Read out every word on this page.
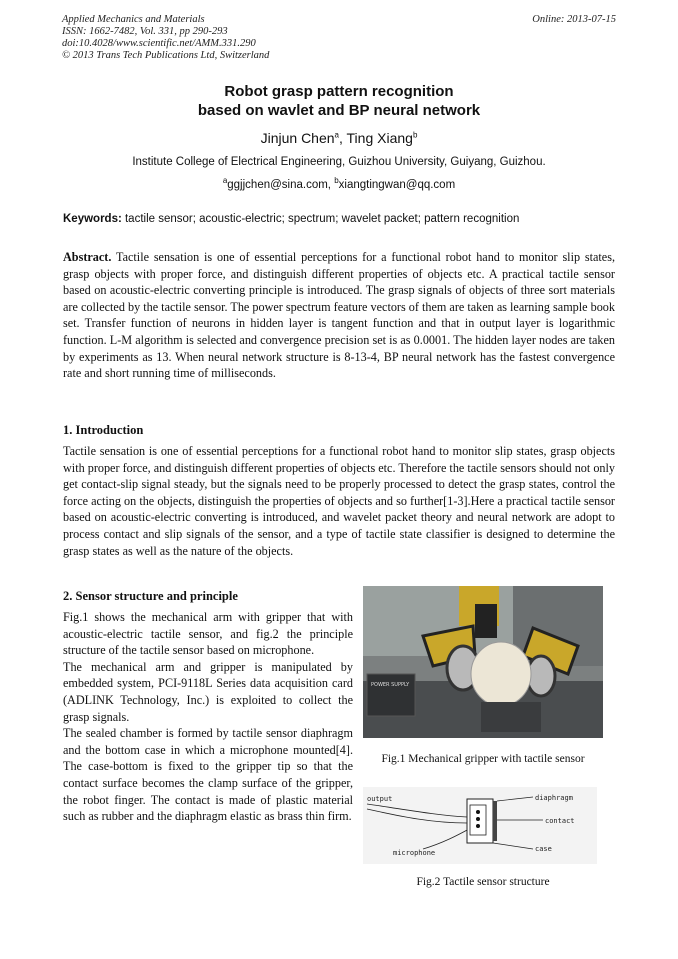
Applied Mechanics and Materials
ISSN: 1662-7482, Vol. 331, pp 290-293
doi:10.4028/www.scientific.net/AMM.331.290
© 2013 Trans Tech Publications Ltd, Switzerland
Online: 2013-07-15
Robot grasp pattern recognition
based on wavlet and BP neural network
Jinjun Chen$^a$, Ting Xiang$^b$
Institute College of Electrical Engineering, Guizhou University, Guiyang, Guizhou.
$^a$ggjjchen@sina.com, $^b$xiangtingwan@qq.com
Keywords: tactile sensor; acoustic-electric; spectrum; wavelet packet; pattern recognition
Abstract. Tactile sensation is one of essential perceptions for a functional robot hand to monitor slip states, grasp objects with proper force, and distinguish different properties of objects etc. A practical tactile sensor based on acoustic-electric converting principle is introduced. The grasp signals of objects of three sort materials are collected by the tactile sensor. The power spectrum feature vectors of them are taken as learning sample book set. Transfer function of neurons in hidden layer is tangent function and that in output layer is logarithmic function. L-M algorithm is selected and convergence precision set is as 0.0001. The hidden layer nodes are taken by experiments as 13. When neural network structure is 8-13-4, BP neural network has the fastest convergence rate and short running time of milliseconds.
1. Introduction
Tactile sensation is one of essential perceptions for a functional robot hand to monitor slip states, grasp objects with proper force, and distinguish different properties of objects etc. Therefore the tactile sensors should not only get contact-slip signal steady, but the signals need to be properly processed to detect the grasp states, control the force acting on the objects, distinguish the properties of objects and so further[1-3].Here a practical tactile sensor based on acoustic-electric converting is introduced, and wavelet packet theory and neural network are adopt to process contact and slip signals of the sensor, and a type of tactile state classifier is designed to determine the grasp states as well as the nature of the objects.
2. Sensor structure and principle

Fig.1 shows the mechanical arm with gripper that with acoustic-electric tactile sensor, and fig.2 the principle structure of the tactile sensor based on microphone.

The mechanical arm and gripper is manipulated by embedded system, PCI-9118L Series data acquisition card (ADLINK Technology, Inc.) is exploited to collect the grasp signals.

The sealed chamber is formed by tactile sensor diaphragm and the bottom case in which a microphone mounted[4]. The case-bottom is fixed to the gripper tip so that the contact surface becomes the clamp surface of the gripper, the robot finger. The contact is made of plastic material such as rubber and the diaphragm elastic as brass thin firm.

POWER SUPPLY
Fig.1 Mechanical gripper with tactile sensor
output	diaphragm
contact
microphone	case
Fig.2 Tactile sensor structure
